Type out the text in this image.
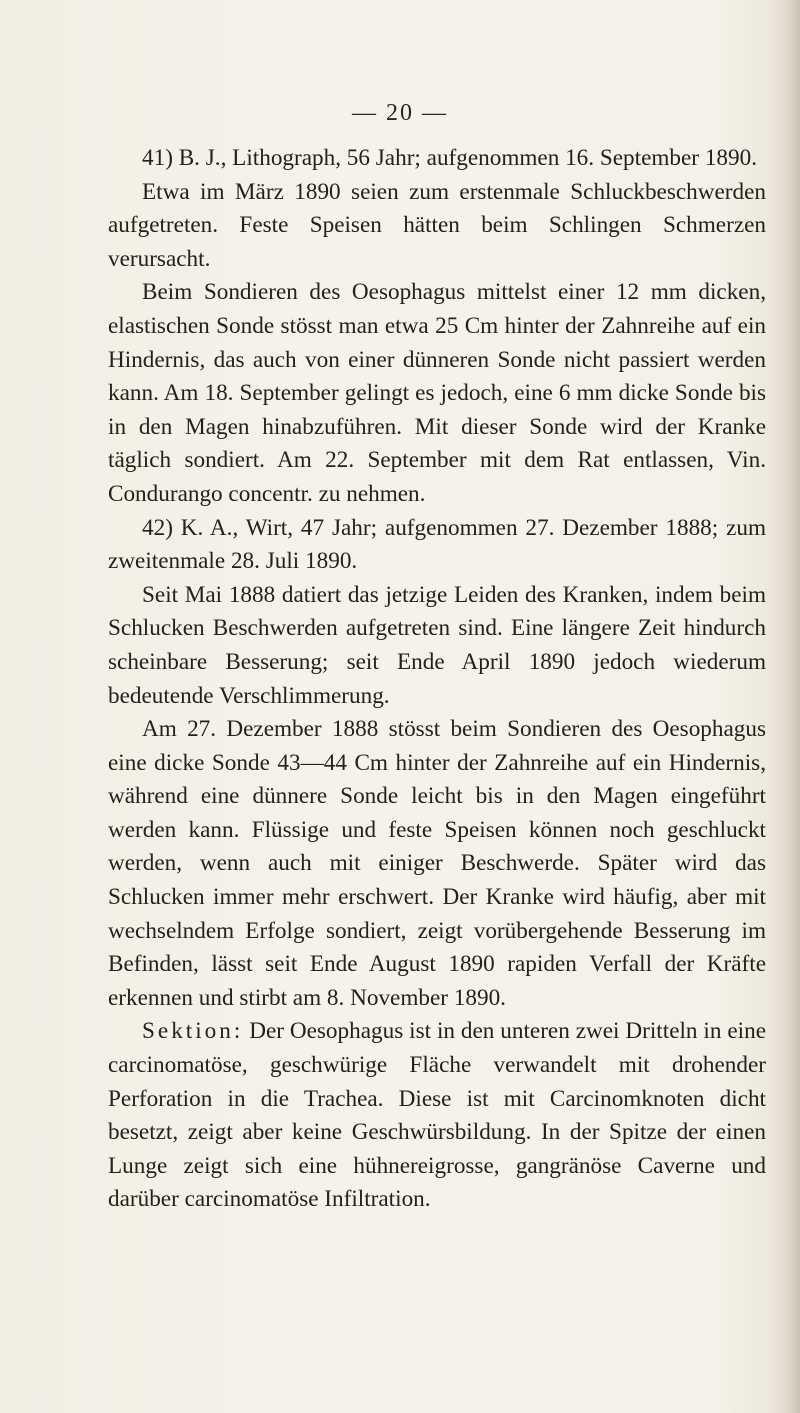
— 20 —

41) B. J., Lithograph, 56 Jahr; aufgenommen 16. September 1890.

Etwa im März 1890 seien zum erstenmale Schluckbeschwerden aufgetreten. Feste Speisen hätten beim Schlingen Schmerzen verursacht.

Beim Sondieren des Oesophagus mittelst einer 12 mm dicken, elastischen Sonde stösst man etwa 25 Cm hinter der Zahnreihe auf ein Hindernis, das auch von einer dünneren Sonde nicht passiert werden kann. Am 18. September gelingt es jedoch, eine 6 mm dicke Sonde bis in den Magen hinabzuführen. Mit dieser Sonde wird der Kranke täglich sondiert. Am 22. September mit dem Rat entlassen, Vin. Condurango concentr. zu nehmen.

42) K. A., Wirt, 47 Jahr; aufgenommen 27. Dezember 1888; zum zweitenmale 28. Juli 1890.

Seit Mai 1888 datiert das jetzige Leiden des Kranken, indem beim Schlucken Beschwerden aufgetreten sind. Eine längere Zeit hindurch scheinbare Besserung; seit Ende April 1890 jedoch wiederum bedeutende Verschlimmerung.

Am 27. Dezember 1888 stösst beim Sondieren des Oesophagus eine dicke Sonde 43—44 Cm hinter der Zahnreihe auf ein Hindernis, während eine dünnere Sonde leicht bis in den Magen eingeführt werden kann. Flüssige und feste Speisen können noch geschluckt werden, wenn auch mit einiger Beschwerde. Später wird das Schlucken immer mehr erschwert. Der Kranke wird häufig, aber mit wechselndem Erfolge sondiert, zeigt vorübergehende Besserung im Befinden, lässt seit Ende August 1890 rapiden Verfall der Kräfte erkennen und stirbt am 8. November 1890.

Sektion: Der Oesophagus ist in den unteren zwei Dritteln in eine carcinomatöse, geschwürige Fläche verwandelt mit drohender Perforation in die Trachea. Diese ist mit Carcinomknoten dicht besetzt, zeigt aber keine Geschwürsbildung. In der Spitze der einen Lunge zeigt sich eine hühnereigrosse, gangränöse Caverne und darüber carcinomatöse Infiltration.
